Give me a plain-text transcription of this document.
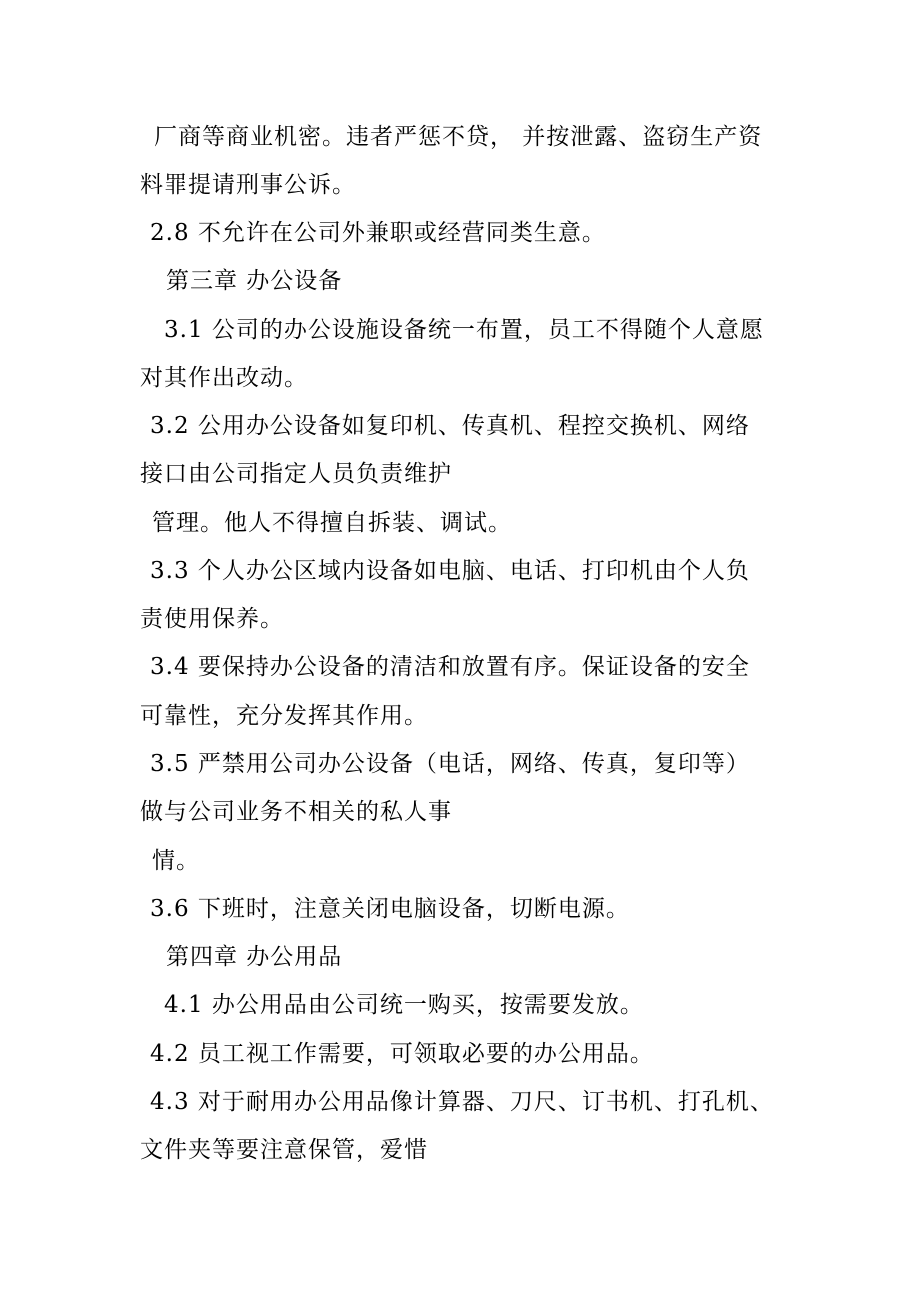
厂商等商业机密。违者严惩不贷， 并按泄露、盗窃生产资
料罪提请刑事公诉。
2.8 不允许在公司外兼职或经营同类生意。
第三章 办公设备
3.1 公司的办公设施设备统一布置，员工不得随个人意愿
对其作出改动。
3.2 公用办公设备如复印机、传真机、程控交换机、网络
接口由公司指定人员负责维护
管理。他人不得擅自拆装、调试。
3.3 个人办公区域内设备如电脑、电话、打印机由个人负
责使用保养。
3.4 要保持办公设备的清洁和放置有序。保证设备的安全
可靠性，充分发挥其作用。
3.5 严禁用公司办公设备（电话，网络、传真，复印等）
做与公司业务不相关的私人事
情。
3.6 下班时，注意关闭电脑设备，切断电源。
第四章 办公用品
4.1 办公用品由公司统一购买，按需要发放。
4.2 员工视工作需要，可领取必要的办公用品。
4.3 对于耐用办公用品像计算器、刀尺、订书机、打孔机、
文件夹等要注意保管，爱惜
